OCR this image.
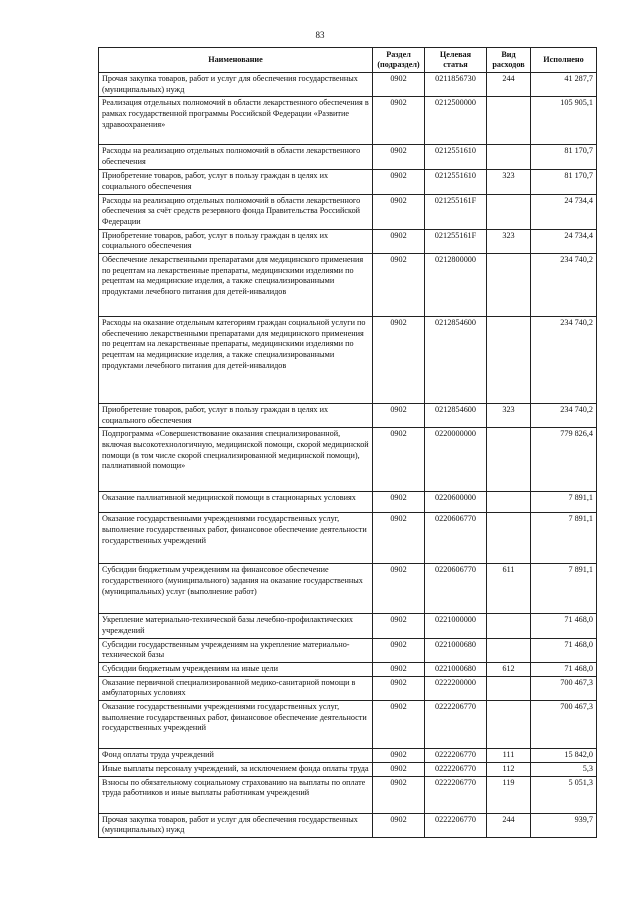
83
Наименование	Раздел (подраздел)	Целевая статья	Вид расходов	Исполнено
Прочая закупка товаров, работ и услуг для обеспечения государственных (муниципальных) нужд	0902	0211856730	244	41 287,7
Реализация отдельных полномочий в области лекарственного обеспечения в рамках государственной программы Российской Федерации «Развитие здравоохранения»	0902	0212500000		105 905,1
Расходы на реализацию отдельных полномочий в области лекарственного обеспечения	0902	0212551610		81 170,7
Приобретение товаров, работ, услуг в пользу граждан в целях их социального обеспечения	0902	0212551610	323	81 170,7
Расходы на реализацию отдельных полномочий в области лекарственного обеспечения за счёт средств резервного фонда Правительства Российской Федерации	0902	021255161F		24 734,4
Приобретение товаров, работ, услуг в пользу граждан в целях их социального обеспечения	0902	021255161F	323	24 734,4
Обеспечение лекарственными препаратами для медицинского применения по рецептам на лекарственные препараты, медицинскими изделиями по рецептам на медицинские изделия, а также специализированными продуктами лечебного питания для детей-инвалидов	0902	0212800000		234 740,2
Расходы на оказание отдельным категориям граждан социальной услуги по обеспечению лекарственными препаратами для медицинского применения по рецептам на лекарственные препараты, медицинскими изделиями по рецептам на медицинские изделия, а также специализированными продуктами лечебного питания для детей-инвалидов	0902	0212854600		234 740,2
Приобретение товаров, работ, услуг в пользу граждан в целях их социального обеспечения	0902	0212854600	323	234 740,2
Подпрограмма «Совершенствование оказания специализированной, включая высокотехнологичную, медицинской помощи, скорой медицинской помощи (в том числе скорой специализированной медицинской помощи), паллиативной помощи»	0902	0220000000		779 826,4
Оказание паллиативной медицинской помощи в стационарных условиях	0902	0220600000		7 891,1
Оказание государственными учреждениями государственных услуг, выполнение государственных работ, финансовое обеспечение деятельности государственных учреждений	0902	0220606770		7 891,1
Субсидии бюджетным учреждениям на финансовое обеспечение государственного (муниципального) задания на оказание государственных (муниципальных) услуг (выполнение работ)	0902	0220606770	611	7 891,1
Укрепление материально-технической базы лечебно-профилактических учреждений	0902	0221000000		71 468,0
Субсидии государственным учреждениям на укрепление материально-технической базы	0902	0221000680		71 468,0
Субсидии бюджетным учреждениям на иные цели	0902	0221000680	612	71 468,0
Оказание первичной специализированной медико-санитарной помощи в амбулаторных условиях	0902	0222200000		700 467,3
Оказание государственными учреждениями государственных услуг, выполнение государственных работ, финансовое обеспечение деятельности государственных учреждений	0902	0222206770		700 467,3
Фонд оплаты труда учреждений	0902	0222206770	111	15 842,0
Иные выплаты персоналу учреждений, за исключением фонда оплаты труда	0902	0222206770	112	5,3
Взносы по обязательному социальному страхованию на выплаты по оплате труда работников и иные выплаты работникам учреждений	0902	0222206770	119	5 051,3
Прочая закупка товаров, работ и услуг для обеспечения государственных (муниципальных) нужд	0902	0222206770	244	939,7
